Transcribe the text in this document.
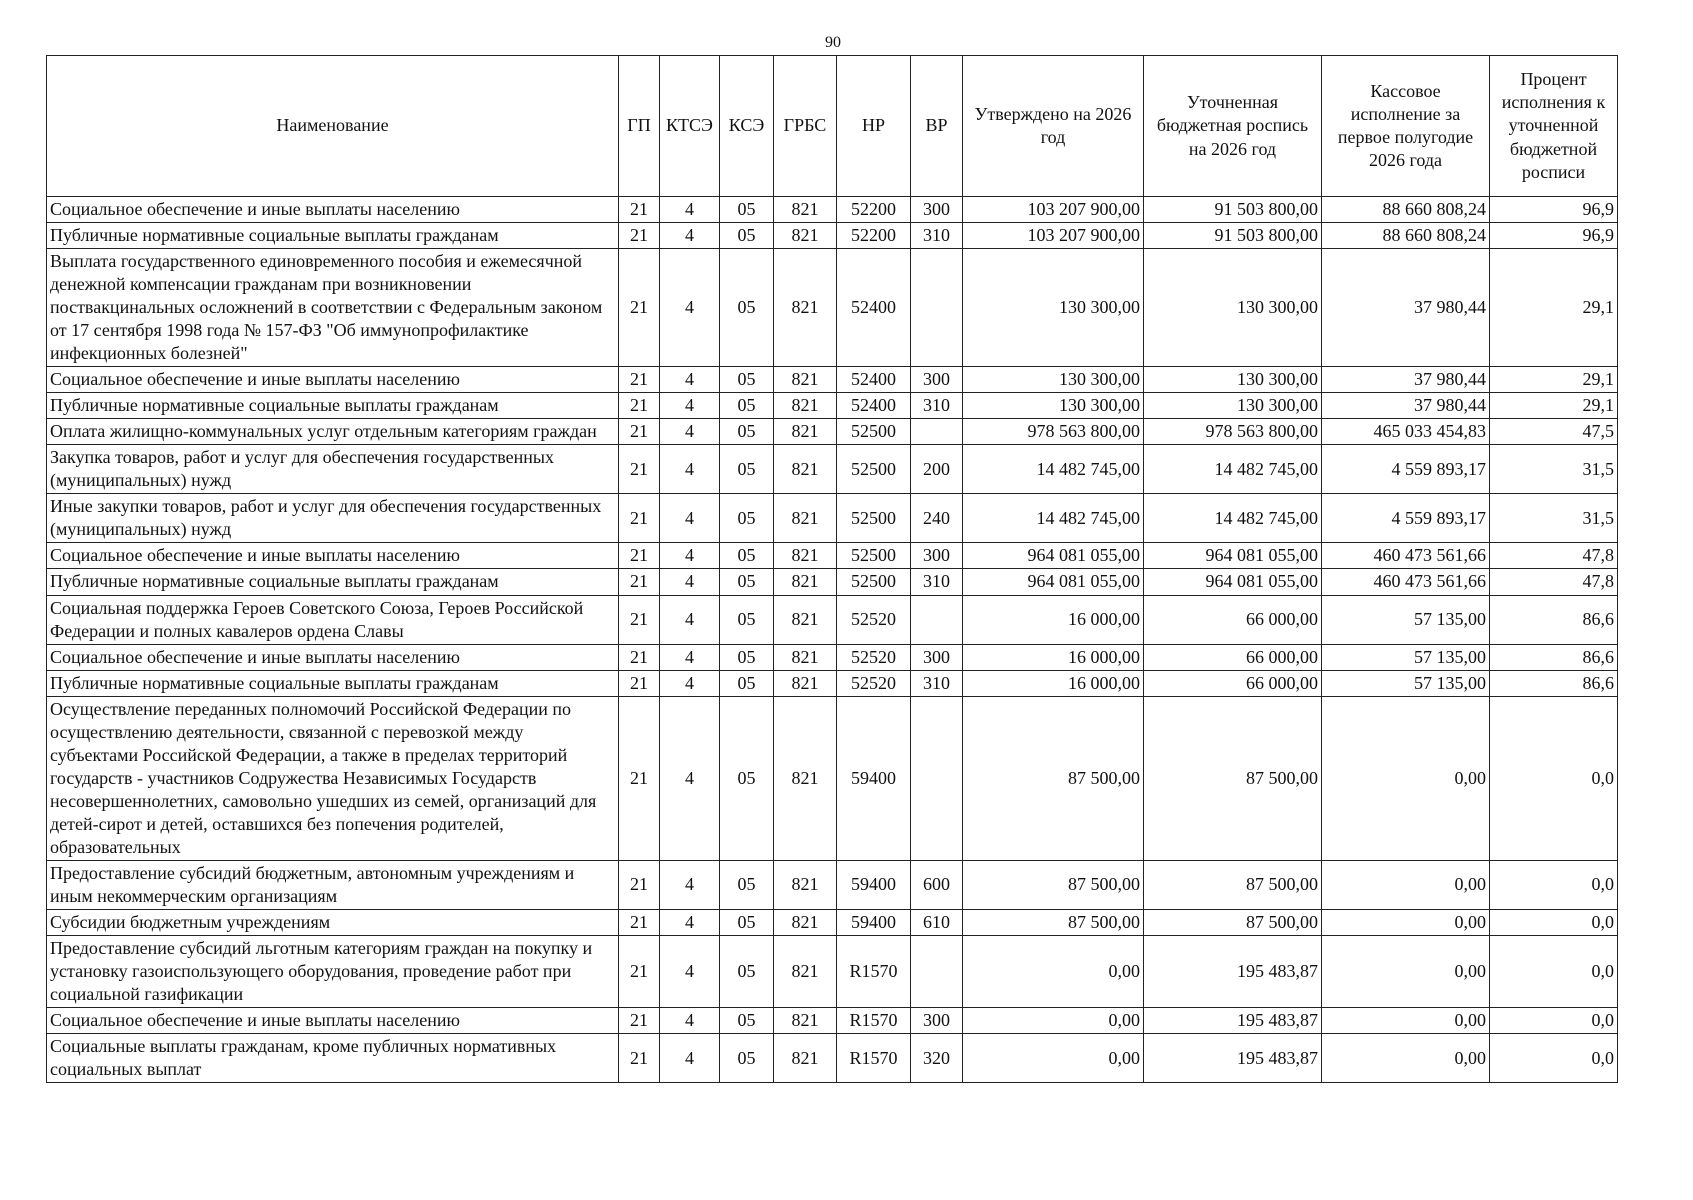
90
Наименование	ГП	КТСЭ	КСЭ	ГРБС	НР	ВР	Утверждено на 2026 год	Уточненная бюджетная роспись на 2026 год	Кассовое исполнение за первое полугодие 2026 года	Процент исполнения к уточненной бюджетной росписи
Социальное обеспечение и иные выплаты населению	21	4	05	821	52200	300	103 207 900,00	91 503 800,00	88 660 808,24	96,9
Публичные нормативные социальные выплаты гражданам	21	4	05	821	52200	310	103 207 900,00	91 503 800,00	88 660 808,24	96,9
Выплата государственного единовременного пособия и ежемесячной денежной компенсации гражданам при возникновении поствакцинальных осложнений в соответствии с Федеральным законом от 17 сентября 1998 года № 157-ФЗ "Об иммунопрофилактике инфекционных болезней"	21	4	05	821	52400		130 300,00	130 300,00	37 980,44	29,1
Социальное обеспечение и иные выплаты населению	21	4	05	821	52400	300	130 300,00	130 300,00	37 980,44	29,1
Публичные нормативные социальные выплаты гражданам	21	4	05	821	52400	310	130 300,00	130 300,00	37 980,44	29,1
Оплата жилищно-коммунальных услуг отдельным категориям граждан	21	4	05	821	52500		978 563 800,00	978 563 800,00	465 033 454,83	47,5
Закупка товаров, работ и услуг для обеспечения государственных (муниципальных) нужд	21	4	05	821	52500	200	14 482 745,00	14 482 745,00	4 559 893,17	31,5
Иные закупки товаров, работ и услуг для обеспечения государственных (муниципальных) нужд	21	4	05	821	52500	240	14 482 745,00	14 482 745,00	4 559 893,17	31,5
Социальное обеспечение и иные выплаты населению	21	4	05	821	52500	300	964 081 055,00	964 081 055,00	460 473 561,66	47,8
Публичные нормативные социальные выплаты гражданам	21	4	05	821	52500	310	964 081 055,00	964 081 055,00	460 473 561,66	47,8
Социальная поддержка Героев Советского Союза, Героев Российской Федерации и полных кавалеров ордена Славы	21	4	05	821	52520		16 000,00	66 000,00	57 135,00	86,6
Социальное обеспечение и иные выплаты населению	21	4	05	821	52520	300	16 000,00	66 000,00	57 135,00	86,6
Публичные нормативные социальные выплаты гражданам	21	4	05	821	52520	310	16 000,00	66 000,00	57 135,00	86,6
Осуществление переданных полномочий Российской Федерации по осуществлению деятельности, связанной с перевозкой между субъектами Российской Федерации, а также в пределах территорий государств - участников Содружества Независимых Государств несовершеннолетних, самовольно ушедших из семей, организаций для детей-сирот и детей, оставшихся без попечения родителей, образовательных	21	4	05	821	59400		87 500,00	87 500,00	0,00	0,0
Предоставление субсидий бюджетным, автономным учреждениям и иным некоммерческим организациям	21	4	05	821	59400	600	87 500,00	87 500,00	0,00	0,0
Субсидии бюджетным учреждениям	21	4	05	821	59400	610	87 500,00	87 500,00	0,00	0,0
Предоставление субсидий льготным категориям граждан на покупку и установку газоиспользующего оборудования, проведение работ при социальной газификации	21	4	05	821	R1570		0,00	195 483,87	0,00	0,0
Социальное обеспечение и иные выплаты населению	21	4	05	821	R1570	300	0,00	195 483,87	0,00	0,0
Социальные выплаты гражданам, кроме публичных нормативных социальных выплат	21	4	05	821	R1570	320	0,00	195 483,87	0,00	0,0
